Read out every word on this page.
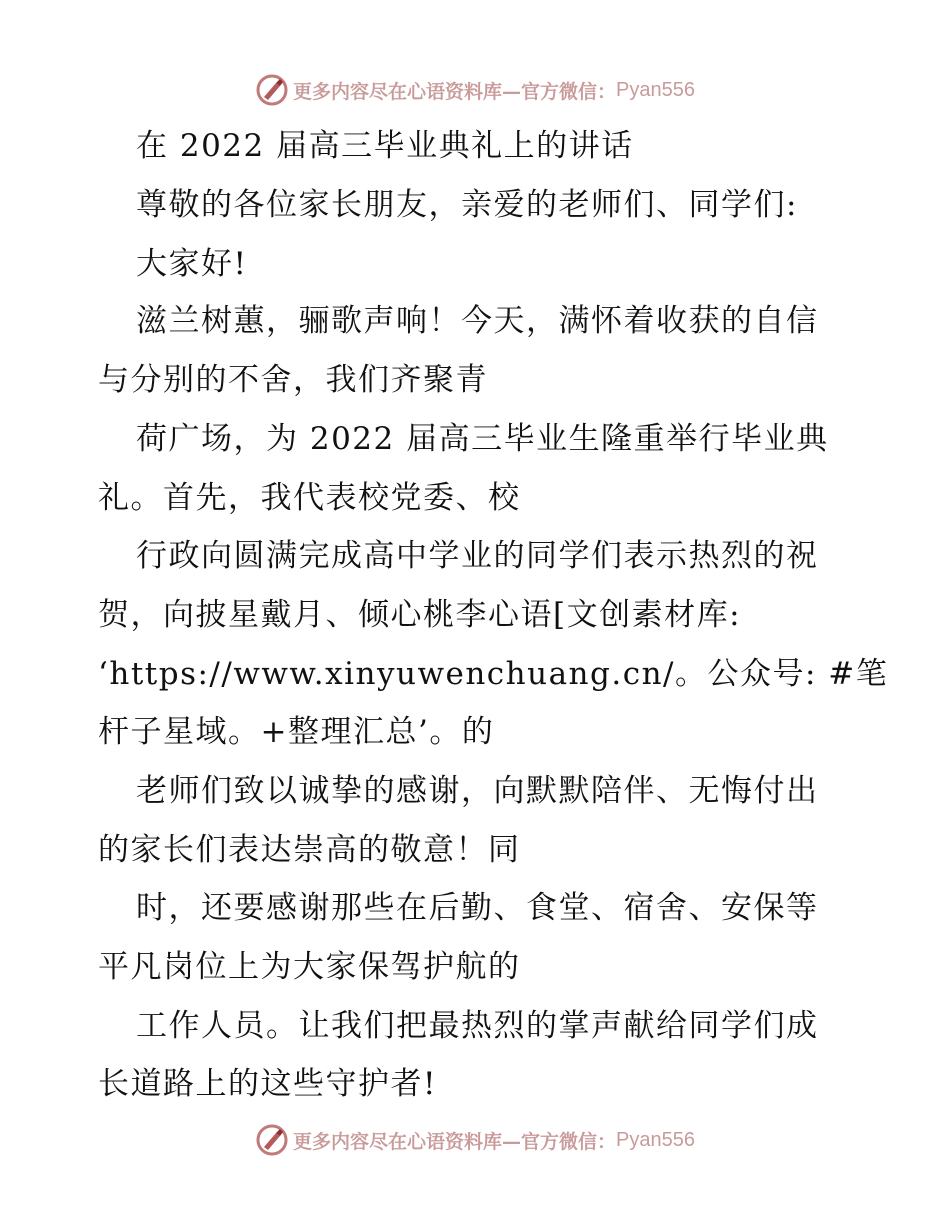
更多内容尽在心语资料库—官方微信： Pyan556
在 2022 届高三毕业典礼上的讲话
尊敬的各位家长朋友，亲爱的老师们、同学们:
大家好!
滋兰树蕙，骊歌声响！今天，满怀着收获的自信
与分别的不舍，我们齐聚青
荷广场，为 2022 届高三毕业生隆重举行毕业典
礼。首先，我代表校党委、校
行政向圆满完成高中学业的同学们表示热烈的祝
贺，向披星戴月、倾心桃李心语[文创素材库:
‘https://www.xinyuwenchuang.cn/。公众号: #笔
杆子星域。+整理汇总’。的
老师们致以诚挚的感谢，向默默陪伴、无悔付出
的家长们表达崇高的敬意！同
时，还要感谢那些在后勤、食堂、宿舍、安保等
平凡岗位上为大家保驾护航的
工作人员。让我们把最热烈的掌声献给同学们成
长道路上的这些守护者!
更多内容尽在心语资料库—官方微信： Pyan556
